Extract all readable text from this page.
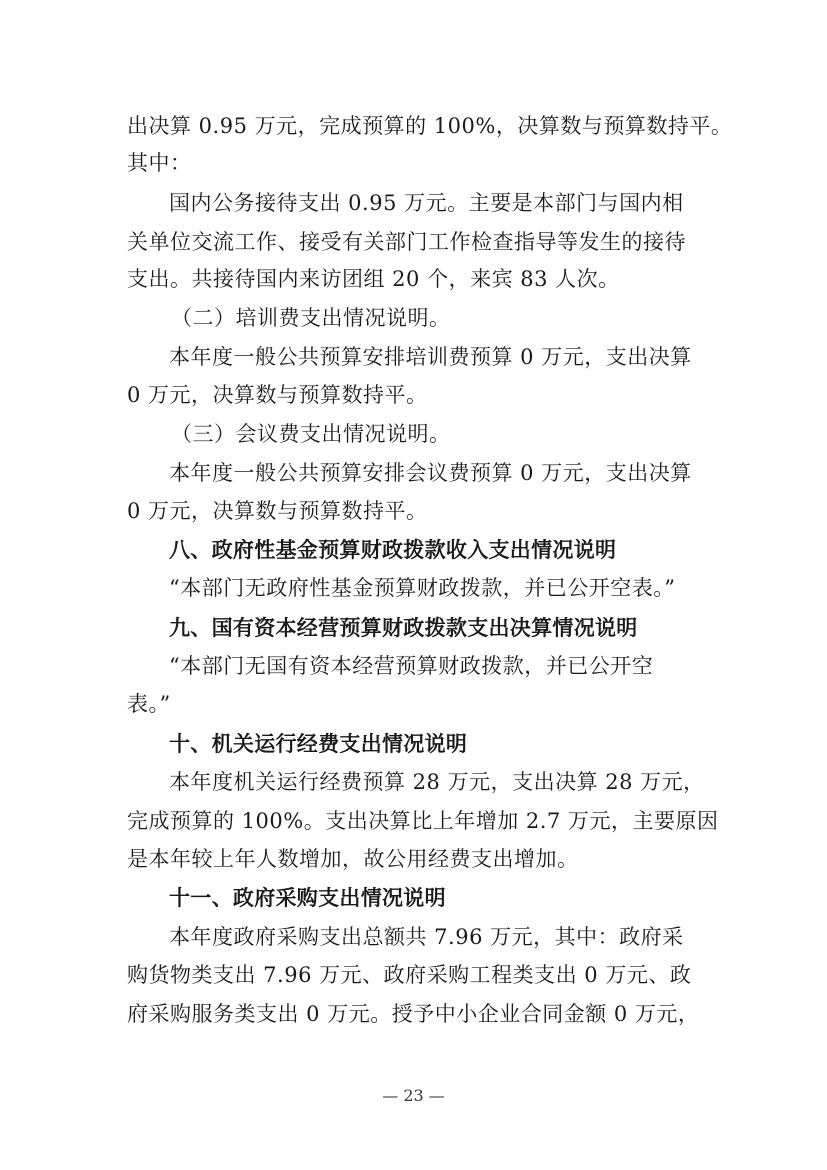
出决算 0.95 万元，完成预算的 100%，决算数与预算数持平。
其中：
国内公务接待支出 0.95 万元。主要是本部门与国内相
关单位交流工作、接受有关部门工作检查指导等发生的接待
支出。共接待国内来访团组 20 个，来宾 83 人次。
（二）培训费支出情况说明。
本年度一般公共预算安排培训费预算 0 万元，支出决算
0 万元，决算数与预算数持平。
（三）会议费支出情况说明。
本年度一般公共预算安排会议费预算 0 万元，支出决算
0 万元，决算数与预算数持平。
八、政府性基金预算财政拨款收入支出情况说明
“本部门无政府性基金预算财政拨款，并已公开空表。”
九、国有资本经营预算财政拨款支出决算情况说明
“本部门无国有资本经营预算财政拨款，并已公开空
表。”
十、机关运行经费支出情况说明
本年度机关运行经费预算 28 万元，支出决算 28 万元，
完成预算的 100%。支出决算比上年增加 2.7 万元，主要原因
是本年较上年人数增加，故公用经费支出增加。
十一、政府采购支出情况说明
本年度政府采购支出总额共 7.96 万元，其中：政府采
购货物类支出 7.96 万元、政府采购工程类支出 0 万元、政
府采购服务类支出 0 万元。授予中小企业合同金额 0 万元，
— 23 —
